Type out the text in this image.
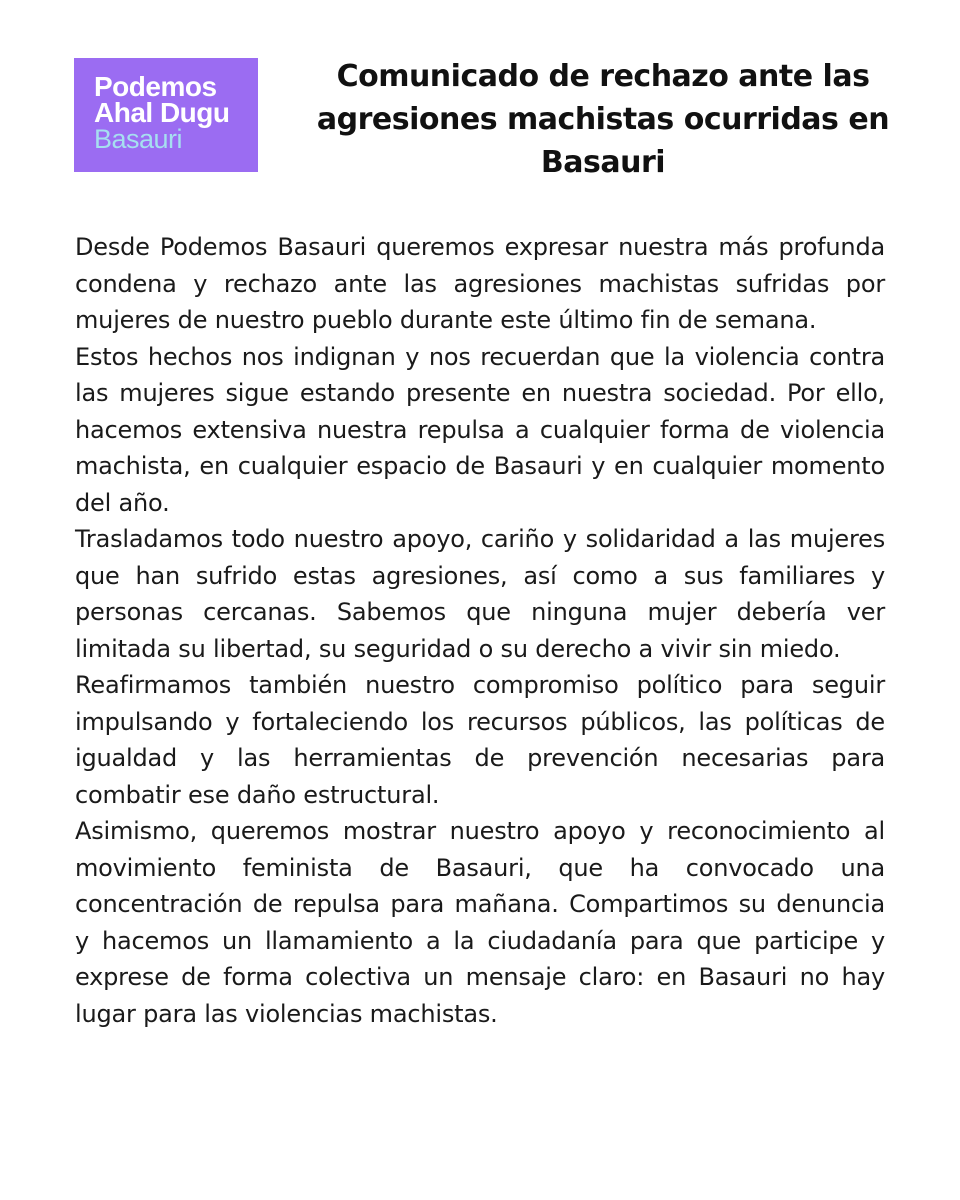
Podemos
Ahal Dugu
Basauri
Comunicado de rechazo ante las agresiones machistas ocurridas en Basauri

Desde Podemos Basauri queremos expresar nuestra más profunda condena y rechazo ante las agresiones machistas sufridas por mujeres de nuestro pueblo durante este último fin de semana.

Estos hechos nos indignan y nos recuerdan que la violencia contra las mujeres sigue estando presente en nuestra sociedad. Por ello, hacemos extensiva nuestra repulsa a cualquier forma de violencia machista, en cualquier espacio de Basauri y en cualquier momento del año.

Trasladamos todo nuestro apoyo, cariño y solidaridad a las mujeres que han sufrido estas agresiones, así como a sus familiares y personas cercanas. Sabemos que ninguna mujer debería ver limitada su libertad, su seguridad o su derecho a vivir sin miedo.

Reafirmamos también nuestro compromiso político para seguir impulsando y fortaleciendo los recursos públicos, las políticas de igualdad y las herramientas de prevención necesarias para combatir ese daño estructural.

Asimismo, queremos mostrar nuestro apoyo y reconocimiento al movimiento feminista de Basauri, que ha convocado una concentración de repulsa para mañana. Compartimos su denuncia y hacemos un llamamiento a la ciudadanía para que participe y exprese de forma colectiva un mensaje claro: en Basauri no hay lugar para las violencias machistas.
